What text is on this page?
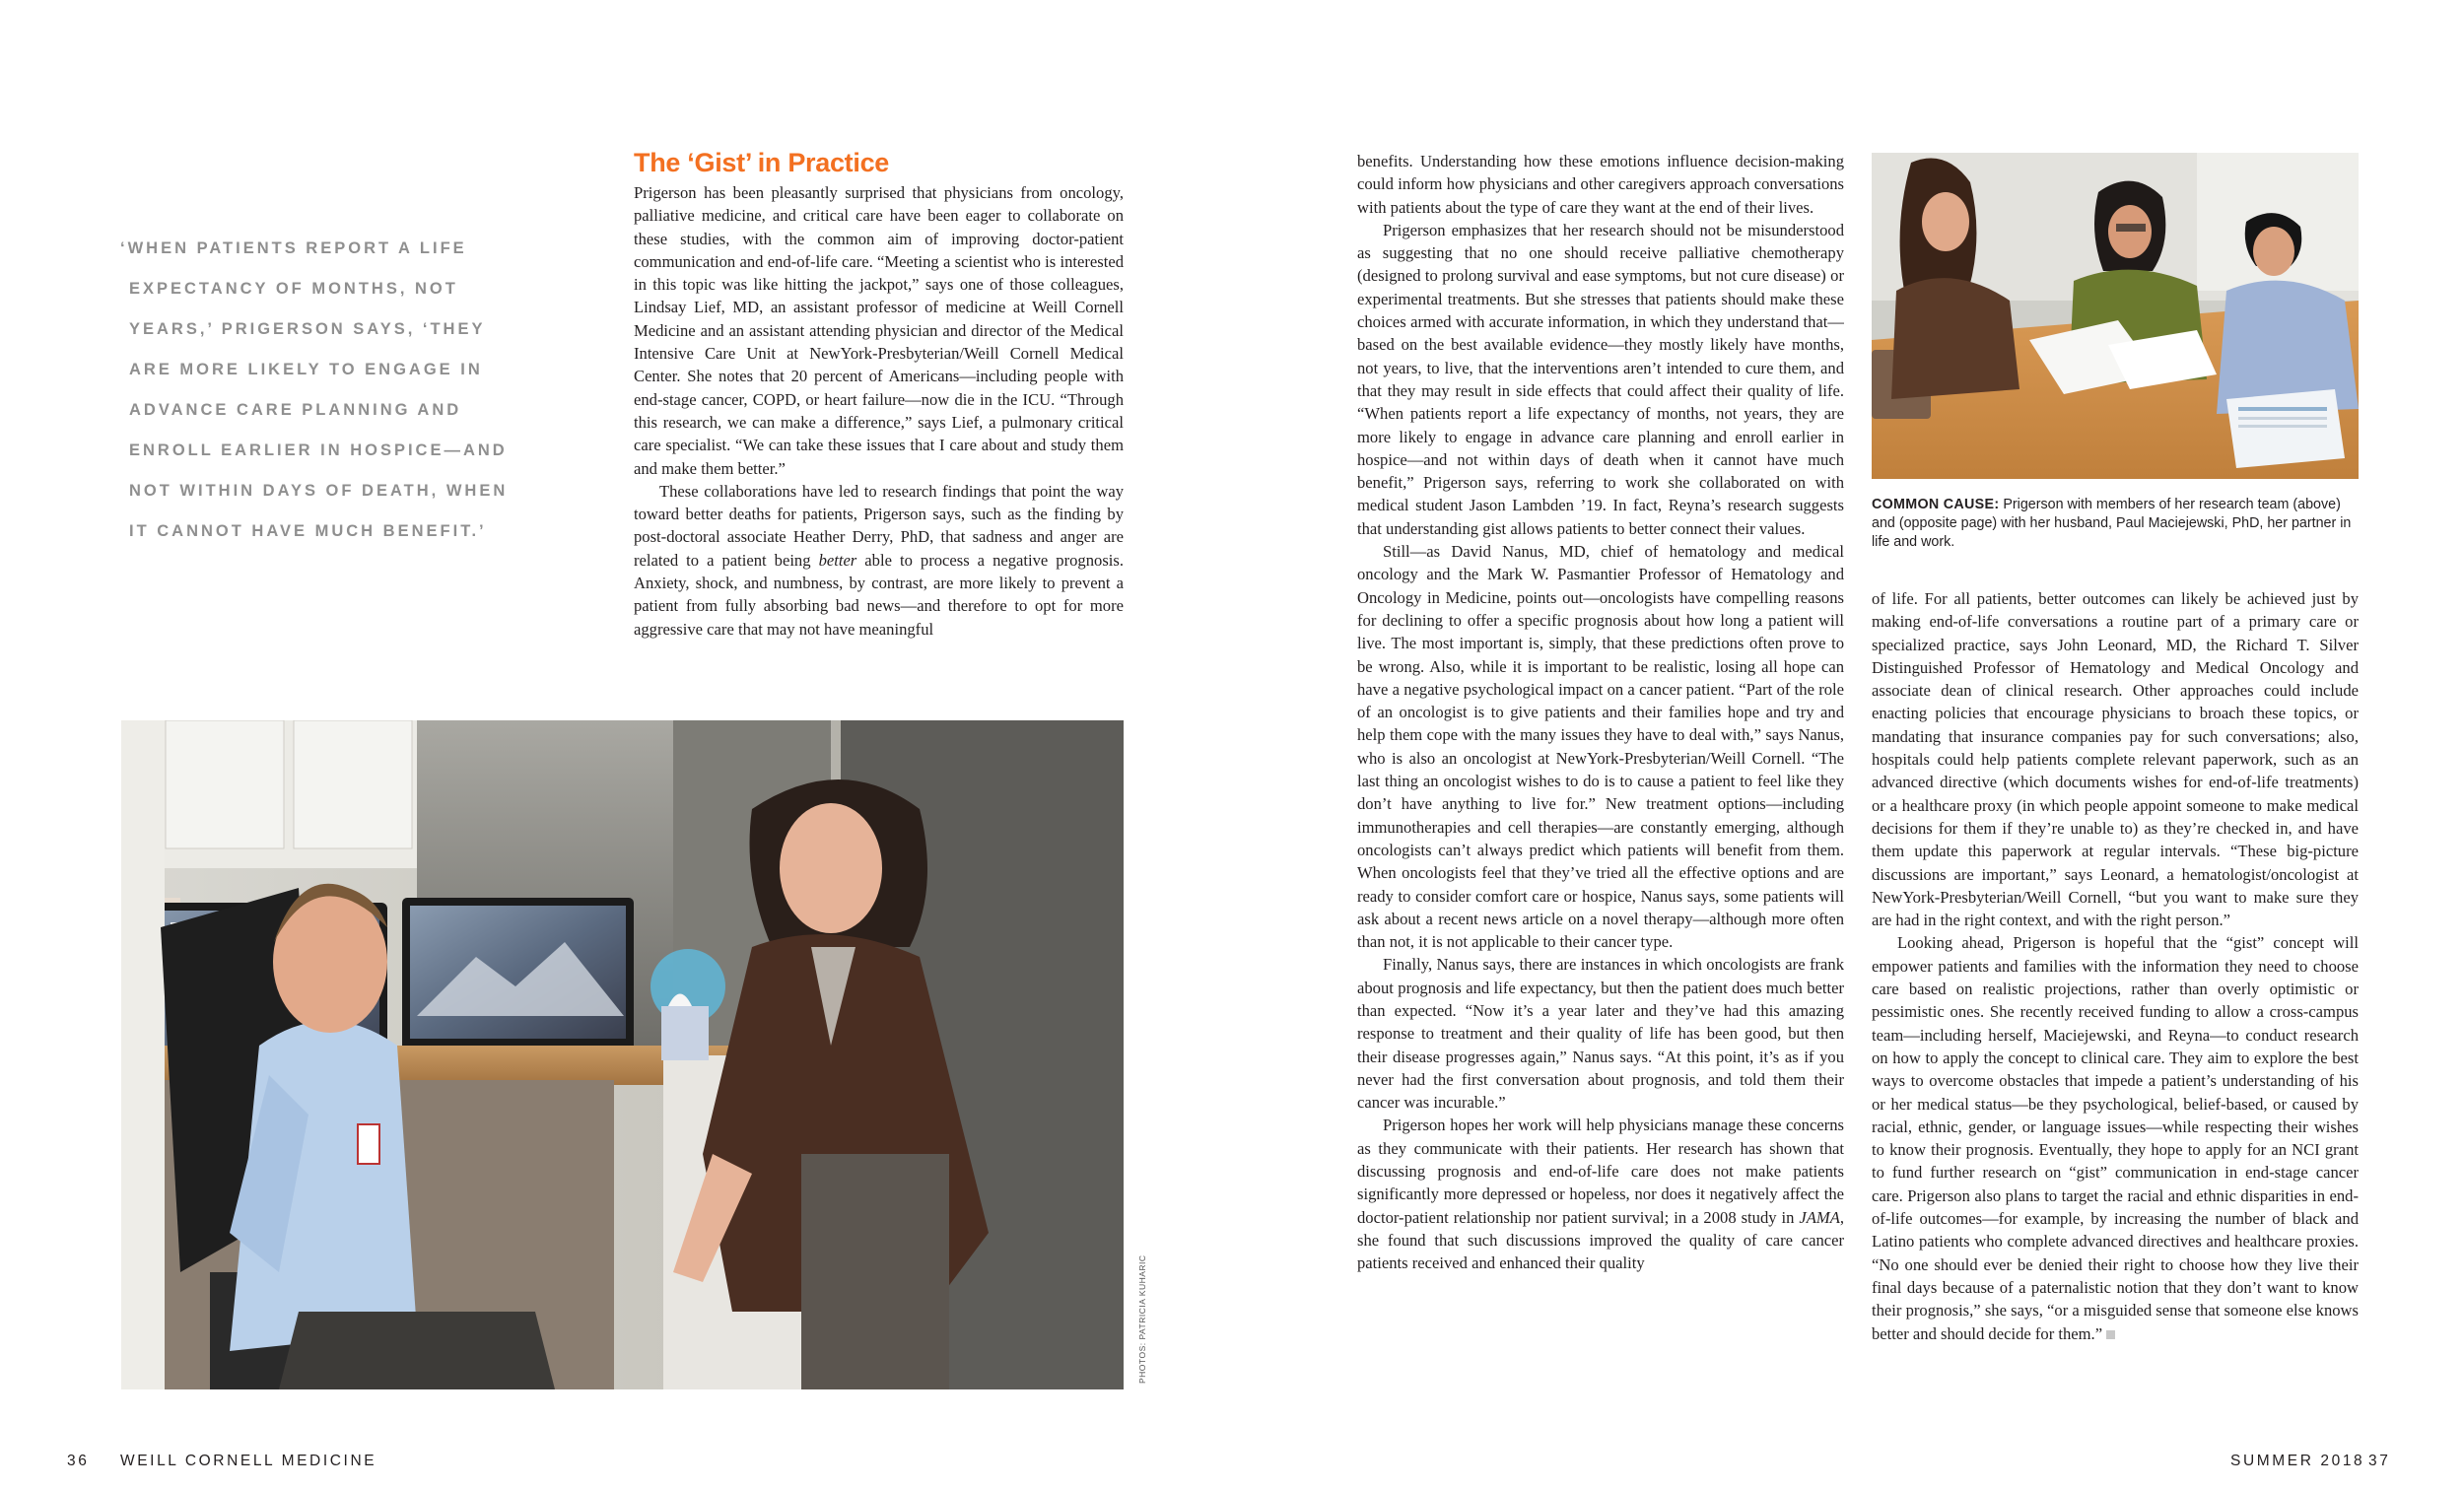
‘WHEN PATIENTS REPORT A LIFE
EXPECTANCY OF MONTHS, NOT
YEARS,’ PRIGERSON SAYS, ‘THEY
ARE MORE LIKELY TO ENGAGE IN
ADVANCE CARE PLANNING AND
ENROLL EARLIER IN HOSPICE—AND
NOT WITHIN DAYS OF DEATH, WHEN
IT CANNOT HAVE MUCH BENEFIT.’
The ‘Gist’ in Practice

Prigerson has been pleasantly surprised that physicians from oncology, palliative medicine, and critical care have been eager to collaborate on these studies, with the common aim of improving doctor-patient communication and end-of-life care. “Meeting a scientist who is interested in this topic was like hitting the jackpot,” says one of those colleagues, Lindsay Lief, MD, an assistant professor of medicine at Weill Cornell Medicine and an assistant attending physician and director of the Medical Intensive Care Unit at NewYork-Presbyterian/Weill Cornell Medical Center. She notes that 20 percent of Americans—including people with end-stage cancer, COPD, or heart failure—now die in the ICU. “Through this research, we can make a difference,” says Lief, a pulmonary critical care specialist. “We can take these issues that I care about and study them and make them better.”

These collaborations have led to research findings that point the way toward better deaths for patients, Prigerson says, such as the finding by post-doctoral associate Heather Derry, PhD, that sadness and anger are related to a patient being better able to process a negative prognosis. Anxiety, shock, and numbness, by contrast, are more likely to prevent a patient from fully absorbing bad news—and therefore to opt for more aggressive care that may not have meaningful

PHOTOS: PATRICIA KUHARIC

benefits. Understanding how these emotions influence decision-making could inform how physicians and other caregivers approach conversations with patients about the type of care they want at the end of their lives.

Prigerson emphasizes that her research should not be misunderstood as suggesting that no one should receive palliative chemotherapy (designed to prolong survival and ease symptoms, but not cure disease) or experimental treatments. But she stresses that patients should make these choices armed with accurate information, in which they understand that—based on the best available evidence—they mostly likely have months, not years, to live, that the interventions aren’t intended to cure them, and that they may result in side effects that could affect their quality of life. “When patients report a life expectancy of months, not years, they are more likely to engage in advance care planning and enroll earlier in hospice—and not within days of death when it cannot have much benefit,” Prigerson says, referring to work she collaborated on with medical student Jason Lambden ’19. In fact, Reyna’s research suggests that understanding gist allows patients to better connect their values.

Still—as David Nanus, MD, chief of hematology and medical oncology and the Mark W. Pasmantier Professor of Hematology and Oncology in Medicine, points out—oncologists have compelling reasons for declining to offer a specific prognosis about how long a patient will live. The most important is, simply, that these predictions often prove to be wrong. Also, while it is important to be realistic, losing all hope can have a negative psychological impact on a cancer patient. “Part of the role of an oncologist is to give patients and their families hope and try and help them cope with the many issues they have to deal with,” says Nanus, who is also an oncologist at NewYork-Presbyterian/Weill Cornell. “The last thing an oncologist wishes to do is to cause a patient to feel like they don’t have anything to live for.” New treatment options—including immunotherapies and cell therapies—are constantly emerging, although oncologists can’t always predict which patients will benefit from them. When oncologists feel that they’ve tried all the effective options and are ready to consider comfort care or hospice, Nanus says, some patients will ask about a recent news article on a novel therapy—although more often than not, it is not applicable to their cancer type.

Finally, Nanus says, there are instances in which oncologists are frank about prognosis and life expectancy, but then the patient does much better than expected. “Now it’s a year later and they’ve had this amazing response to treatment and their quality of life has been good, but then their disease progresses again,” Nanus says. “At this point, it’s as if you never had the first conversation about prognosis, and told them their cancer was incurable.”

Prigerson hopes her work will help physicians manage these concerns as they communicate with their patients. Her research has shown that discussing prognosis and end-of-life care does not make patients significantly more depressed or hopeless, nor does it negatively affect the doctor-patient relationship nor patient survival; in a 2008 study in JAMA, she found that such discussions improved the quality of care cancer patients received and enhanced their quality

COMMON CAUSE: Prigerson with members of her research team (above) and (opposite page) with her husband, Paul Maciejewski, PhD, her partner in life and work.

of life. For all patients, better outcomes can likely be achieved just by making end-of-life conversations a routine part of a primary care or specialized practice, says John Leonard, MD, the Richard T. Silver Distinguished Professor of Hematology and Medical Oncology and associate dean of clinical research. Other approaches could include enacting policies that encourage physicians to broach these topics, or mandating that insurance companies pay for such conversations; also, hospitals could help patients complete relevant paperwork, such as an advanced directive (which documents wishes for end-of-life treatments) or a healthcare proxy (in which people appoint someone to make medical decisions for them if they’re unable to) as they’re checked in, and have them update this paperwork at regular intervals. “These big-picture discussions are important,” says Leonard, a hematologist/oncologist at NewYork-Presbyterian/Weill Cornell, “but you want to make sure they are had in the right context, and with the right person.”

Looking ahead, Prigerson is hopeful that the “gist” concept will empower patients and families with the information they need to choose care based on realistic projections, rather than overly optimistic or pessimistic ones. She recently received funding to allow a cross-campus team—including herself, Maciejewski, and Reyna—to conduct research on how to apply the concept to clinical care. They aim to explore the best ways to overcome obstacles that impede a patient’s understanding of his or her medical status—be they psychological, belief-based, or caused by racial, ethnic, gender, or language issues—while respecting their wishes to know their prognosis. Eventually, they hope to apply for an NCI grant to fund further research on “gist” communication in end-stage cancer care. Prigerson also plans to target the racial and ethnic disparities in end-of-life outcomes—for example, by increasing the number of black and Latino patients who complete advanced directives and healthcare proxies. “No one should ever be denied their right to choose how they live their final days because of a paternalistic notion that they don’t want to know their prognosis,” she says, “or a misguided sense that someone else knows better and should decide for them.”

36 WEILL CORNELL MEDICINE	SUMMER 2018 37
